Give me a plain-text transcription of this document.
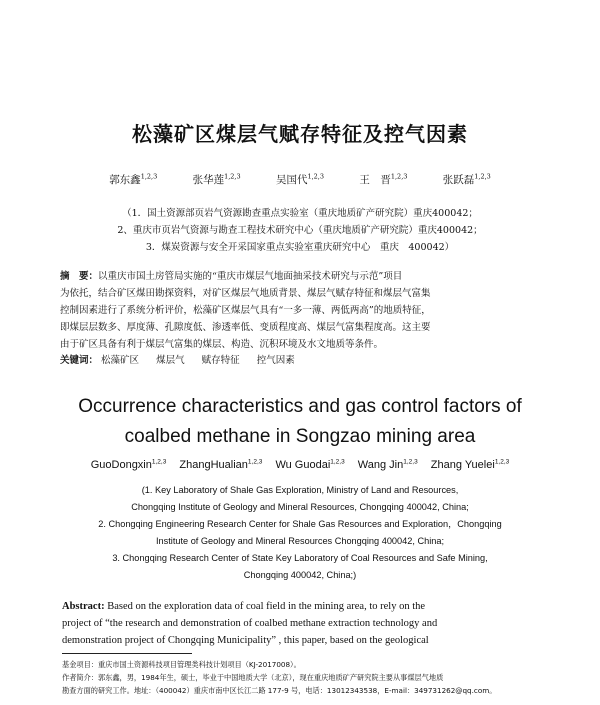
松藻矿区煤层气赋存特征及控气因素
郭东鑫$^{1,2,3}$	张华莲$^{1,2,3}$	吴国代$^{1,2,3}$	王　晋$^{1,2,3}$	张跃磊$^{1,2,3}$
（1．国土资源部页岩气资源勘查重点实验室（重庆地质矿产研究院）重庆400042；
2、重庆市页岩气资源与勘查工程技术研究中心（重庆地质矿产研究院）重庆400042；
3．煤炭资源与安全开采国家重点实验室重庆研究中心　重庆　400042）
摘　要：以重庆市国土房管局实施的“重庆市煤层气地面抽采技术研究与示范”项目
为依托，结合矿区煤田勘探资料，对矿区煤层气地质背景、煤层气赋存特征和煤层气富集
控制因素进行了系统分析评价，松藻矿区煤层气具有“一多一薄、两低两高”的地质特征，
即煤层层数多、厚度薄、孔隙度低、渗透率低、变质程度高、煤层气富集程度高。这主要
由于矿区具备有利于煤层气富集的煤层、构造、沉积环境及水文地质等条件。
关键词： 松藻矿区 煤层气 赋存特征 控气因素
Occurrence characteristics and gas control factors of
coalbed methane in Songzao mining area
GuoDongxin$^{1,2,3}$ ZhangHualian$^{1,2,3}$ Wu Guodai$^{1,2,3}$ Wang Jin$^{1,2,3}$ Zhang Yuelei$^{1,2,3}$
(1. Key Laboratory of Shale Gas Exploration, Ministry of Land and Resources,
Chongqing Institute of Geology and Mineral Resources, Chongqing 400042, China;
2. Chongqing Engineering Research Center for Shale Gas Resources and Exploration，Chongqing
Institute of Geology and Mineral Resources Chongqing 400042, China;
3. Chongqing Research Center of State Key Laboratory of Coal Resources and Safe Mining,
Chongqing 400042, China;)
Abstract: Based on the exploration data of coal field in the mining area, to rely on the
project of “the research and demonstration of coalbed methane extraction technology and
demonstration project of Chongqing Municipality” , this paper, based on the geological
基金项目：重庆市国土资源科技项目管理类科技计划项目（KJ-2017008）。
作者简介：郭东鑫，男，1984年生，硕士，毕业于中国地质大学（北京），现在重庆地质矿产研究院主要从事煤层气地质
勘查方面的研究工作。地址：（400042）重庆市南中区长江二路 177-9 号，电话：13012343538，E-mail：349731262@qq.com。
